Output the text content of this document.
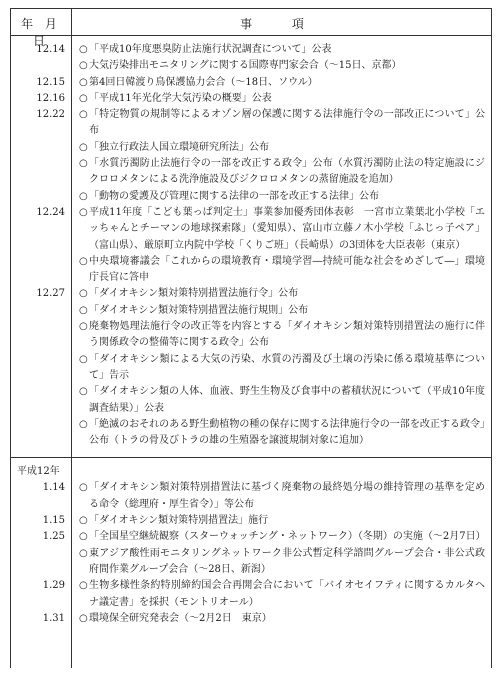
年 月 日
事 項
12.14	○ 「平成10年度悪臭防止法施行状況調査について」公表
○ 大気汚染排出モニタリングに関する国際専門家会合（～15日、京都）
12.15	○ 第4回日韓渡り鳥保護協力会合（～18日、ソウル）
12.16	○ 「平成11年光化学大気汚染の概要」公表
12.22	○ 「特定物質の規制等によるオゾン層の保護に関する法律施行令の一部改正について」公布
○ 「独立行政法人国立環境研究所法」公布
○ 「水質汚濁防止法施行令の一部を改正する政令」公布（水質汚濁防止法の特定施設にジクロロメタンによる洗浄施設及びジクロロメタンの蒸留施設を追加）
○ 「動物の愛護及び管理に関する法律の一部を改正する法律」公布
12.24	○ 平成11年度「こども葉っぱ判定士」事業参加優秀団体表彰　一宮市立業葉北小学校「エッちゃんとチーマンの地球探索隊」（愛知県）、富山市立藤ノ木小学校「ふじっ子ペア」（富山県）、厳原町立内院中学校「くりご班」（長崎県）の3団体を大臣表彰（東京）
○ 中央環境審議会「これからの環境教育・環境学習―持続可能な社会をめざして―」環境庁長官に答申
12.27	○ 「ダイオキシン類対策特別措置法施行令」公布
○ 「ダイオキシン類対策特別措置法施行規則」公布
○ 廃棄物処理法施行令の改正等を内容とする「ダイオキシン類対策特別措置法の施行に伴う関係政令の整備等に関する政令」公布
○ 「ダイオキシン類による大気の汚染、水質の汚濁及び土壌の汚染に係る環境基準について」告示
○ 「ダイオキシン類の人体、血液、野生生物及び食事中の蓄積状況について（平成10年度調査結果）」公表
○ 「絶滅のおそれのある野生動植物の種の保存に関する法律施行令の一部を改正する政令」公布（トラの骨及びトラの雄の生殖器を譲渡規制対象に追加）
平成12年
1.14	○ 「ダイオキシン類対策特別措置法に基づく廃棄物の最終処分場の維持管理の基準を定める命令（総理府・厚生省令）」等公布
1.15	○ 「ダイオキシン類対策特別措置法」施行
1.25	○ 「全国星空継続観察（スターウォッチング・ネットワーク）（冬期）の実施（～2月7日）
○ 東アジア酸性雨モニタリングネットワーク非公式暫定科学諮問グループ会合・非公式政府間作業グループ会合（～28日、新潟）
1.29	○ 生物多様性条約特別締約国会合再開会合において「バイオセイフティに関するカルタヘナ議定書」を採択（モントリオール）
1.31	○ 環境保全研究発表会（～2月2日　東京）
